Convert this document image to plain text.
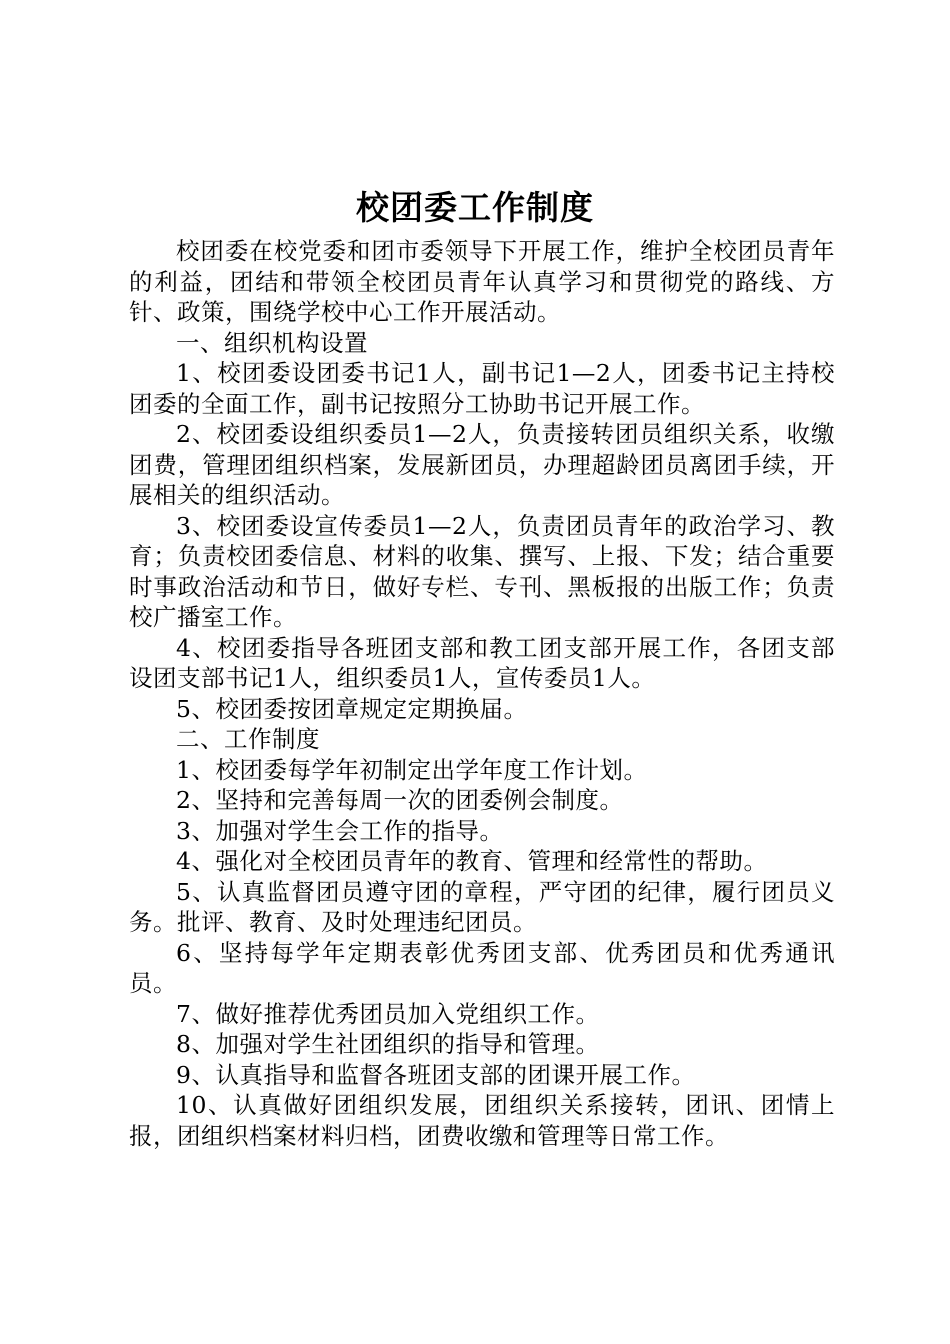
校团委工作制度

校团委在校党委和团市委领导下开展工作，维护全校团员青年的利益，团结和带领全校团员青年认真学习和贯彻党的路线、方针、政策，围绕学校中心工作开展活动。

一、组织机构设置

1、校团委设团委书记1人，副书记1—2人，团委书记主持校团委的全面工作，副书记按照分工协助书记开展工作。

2、校团委设组织委员1—2人，负责接转团员组织关系，收缴团费，管理团组织档案，发展新团员，办理超龄团员离团手续，开展相关的组织活动。

3、校团委设宣传委员1—2人，负责团员青年的政治学习、教育；负责校团委信息、材料的收集、撰写、上报、下发；结合重要时事政治活动和节日，做好专栏、专刊、黑板报的出版工作；负责校广播室工作。

4、校团委指导各班团支部和教工团支部开展工作，各团支部设团支部书记1人，组织委员1人，宣传委员1人。

5、校团委按团章规定定期换届。

二、工作制度

1、校团委每学年初制定出学年度工作计划。

2、坚持和完善每周一次的团委例会制度。

3、加强对学生会工作的指导。

4、强化对全校团员青年的教育、管理和经常性的帮助。

5、认真监督团员遵守团的章程，严守团的纪律，履行团员义务。批评、教育、及时处理违纪团员。

6、坚持每学年定期表彰优秀团支部、优秀团员和优秀通讯员。

7、做好推荐优秀团员加入党组织工作。

8、加强对学生社团组织的指导和管理。

9、认真指导和监督各班团支部的团课开展工作。

10、认真做好团组织发展，团组织关系接转，团讯、团情上报，团组织档案材料归档，团费收缴和管理等日常工作。
